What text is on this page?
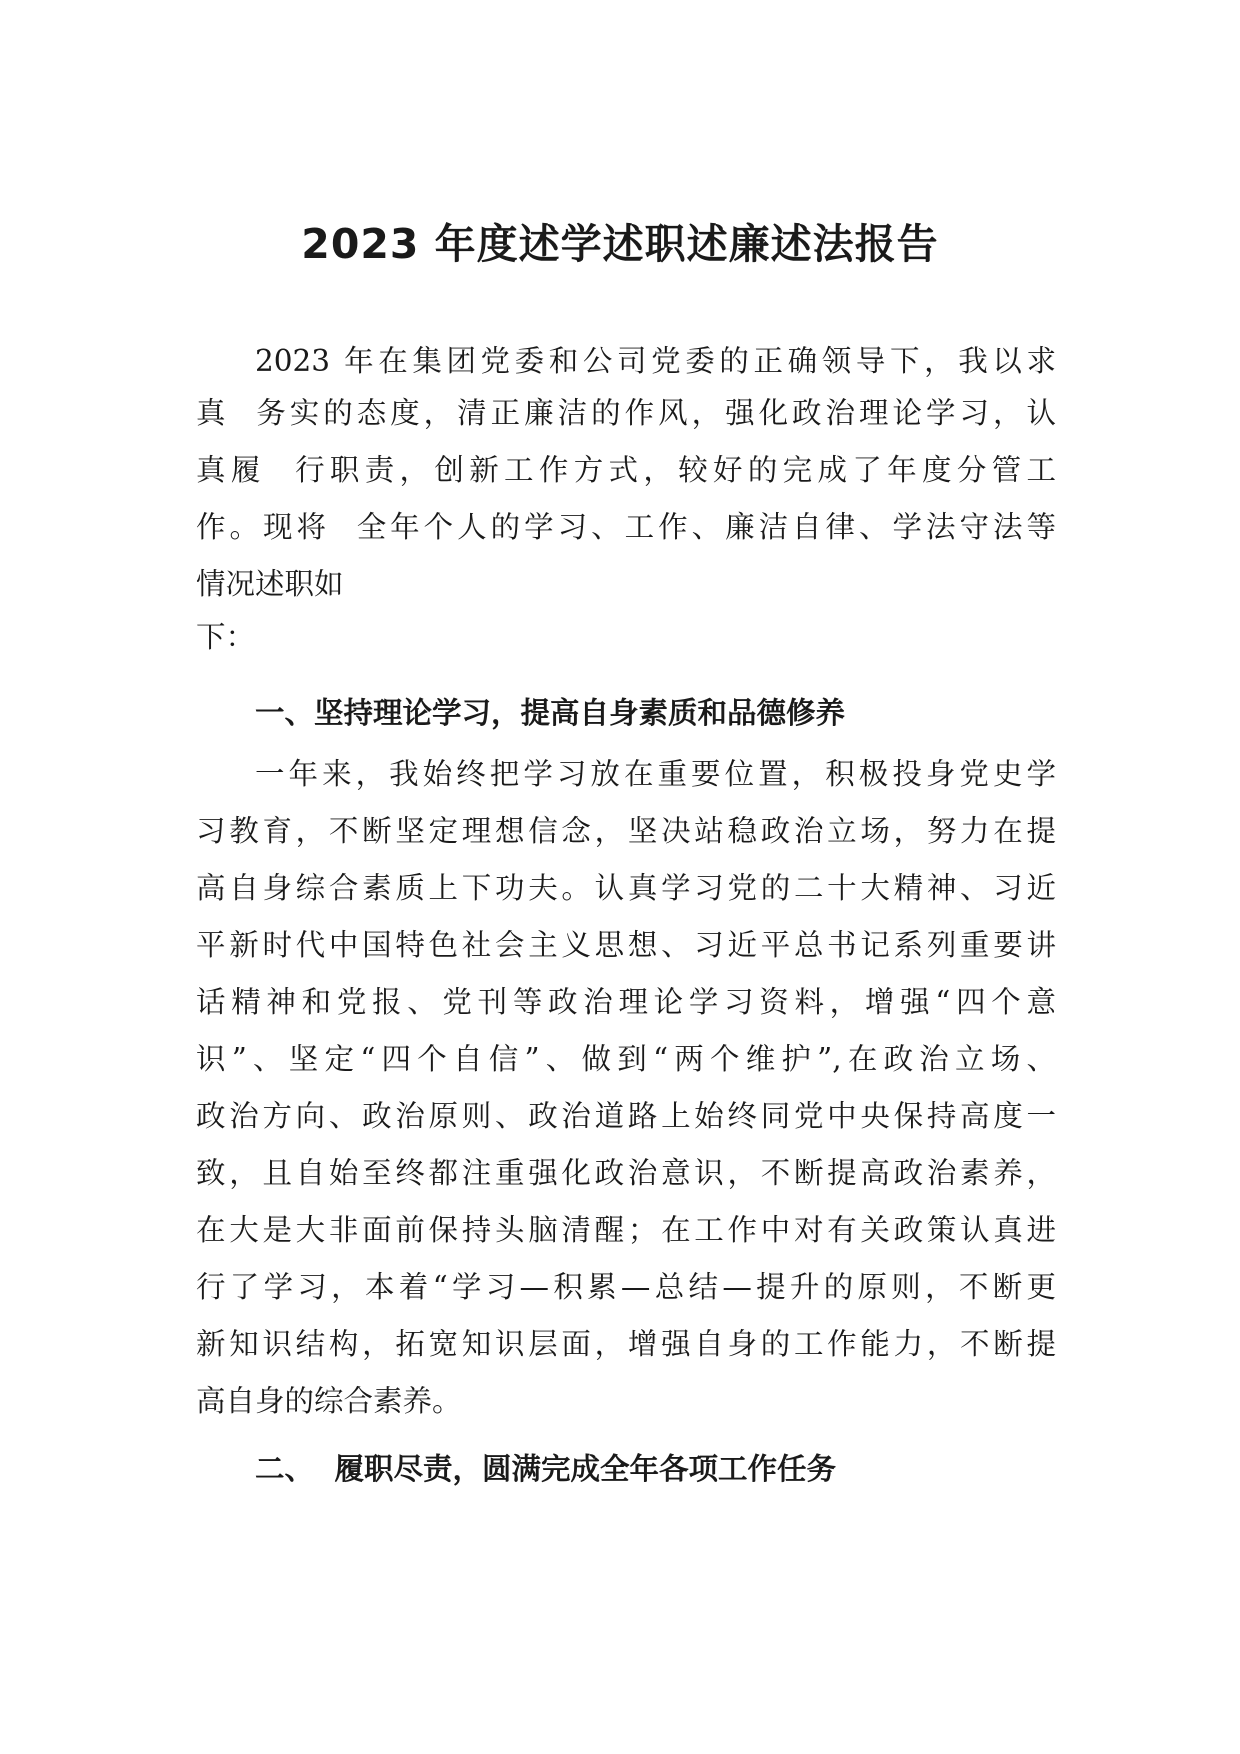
2023 年度述学述职述廉述法报告

2023 年在集团党委和公司党委的正确领导下，我以求

真  务实的态度，清正廉洁的作风，强化政治理论学习，认

真履  行职责，创新工作方式，较好的完成了年度分管工

作。现将  全年个人的学习、工作、廉洁自律、学法守法等

情况述职如

下：

一、坚持理论学习，提高自身素质和品德修养

一年来，我始终把学习放在重要位置，积极投身党史学

习教育，不断坚定理想信念，坚决站稳政治立场，努力在提

高自身综合素质上下功夫。认真学习党的二十大精神、习近

平新时代中国特色社会主义思想、习近平总书记系列重要讲

话精神和党报、党刊等政治理论学习资料，增强“四个意

识”、坚定“四个自信”、做到“两个维护”,在政治立场、

政治方向、政治原则、政治道路上始终同党中央保持高度一

致，且自始至终都注重强化政治意识，不断提高政治素养，

在大是大非面前保持头脑清醒；在工作中对有关政策认真进

行了学习，本着“学习—积累—总结—提升的原则，不断更

新知识结构，拓宽知识层面，增强自身的工作能力，不断提

高自身的综合素养。

二、  履职尽责，圆满完成全年各项工作任务
